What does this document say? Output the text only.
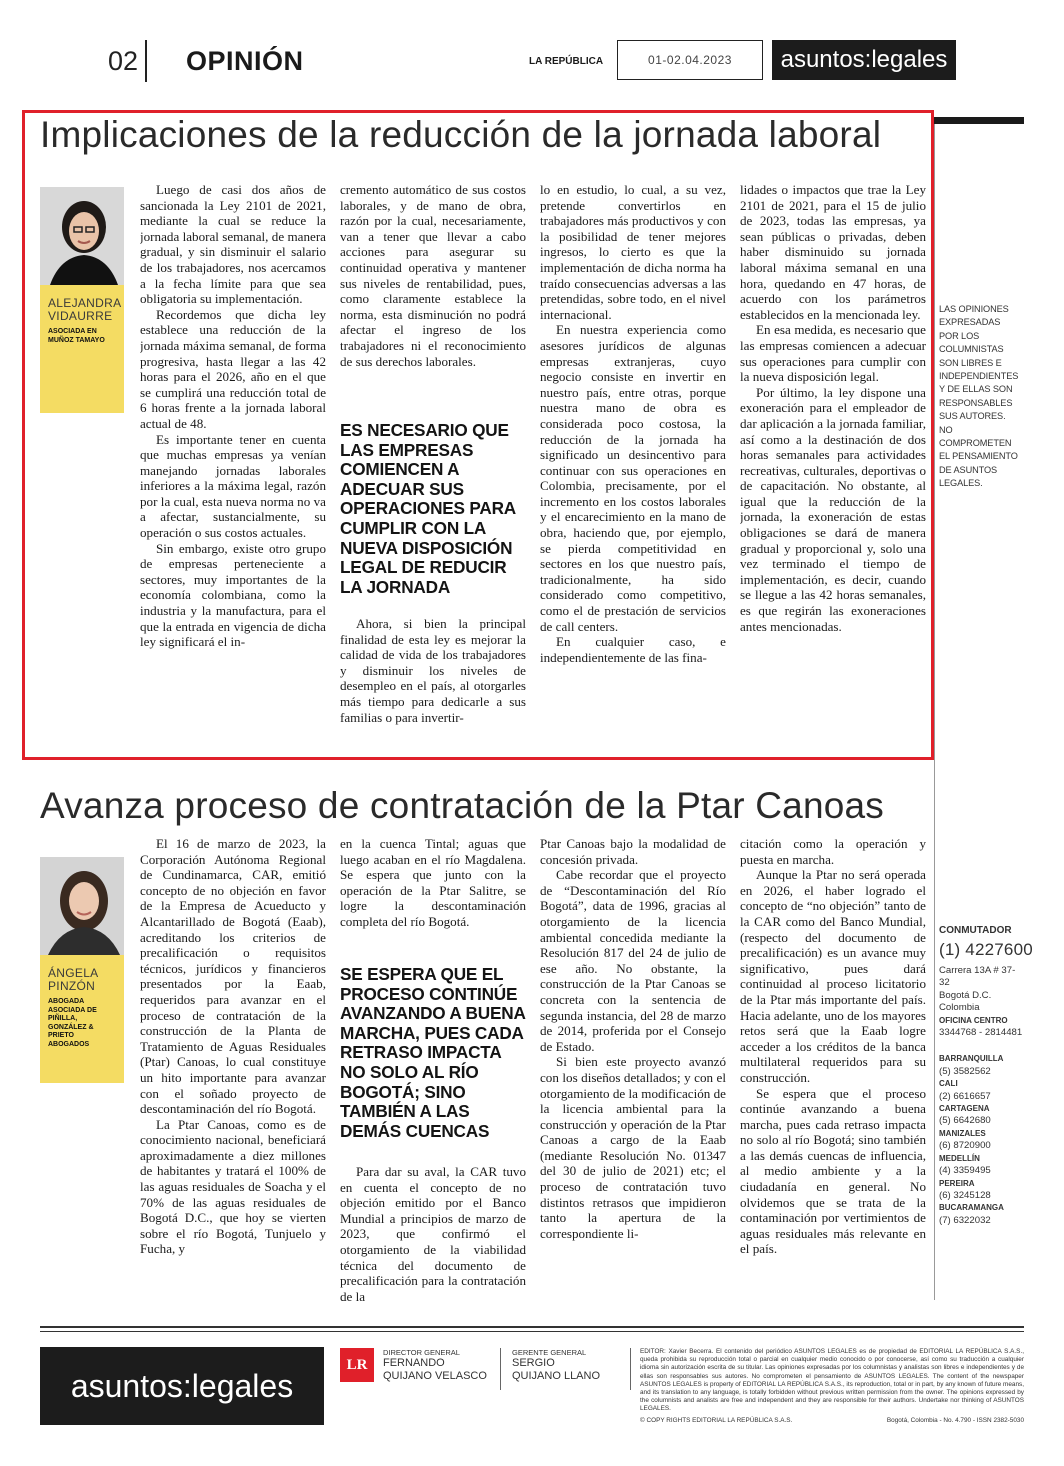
02 OPINIÓN	LA REPÚBLICA	01-02.04.2023	asuntos:legales
Implicaciones de la reducción de la jornada laboral
ALEJANDRA
VIDAURRE
ASOCIADA EN MUÑOZ TAMAYO

Luego de casi dos años de sancionada la Ley 2101 de 2021, mediante la cual se reduce la jornada laboral semanal, de manera gradual, y sin disminuir el salario de los trabajadores, nos acercamos a la fecha límite para que sea obligatoria su implementación.

Recordemos que dicha ley establece una reducción de la jornada máxima semanal, de forma progresiva, hasta llegar a las 42 horas para el 2026, año en el que se cumplirá una reducción total de 6 horas frente a la jornada laboral actual de 48.

Es importante tener en cuenta que muchas empresas ya venían manejando jornadas laborales inferiores a la máxima legal, razón por la cual, esta nueva norma no va a afectar, sustancialmente, su operación o sus costos actuales.

Sin embargo, existe otro grupo de empresas perteneciente a sectores, muy importantes de la economía colombiana, como la industria y la manufactura, para el que la entrada en vigencia de dicha ley significará el in-

cremento automático de sus costos laborales, y de mano de obra, razón por la cual, necesariamente, van a tener que llevar a cabo acciones para asegurar su continuidad operativa y mantener sus niveles de rentabilidad, pues, como claramente establece la norma, esta disminución no podrá afectar el ingreso de los trabajadores ni el reconocimiento de sus derechos laborales.

ES NECESARIO QUE LAS EMPRESAS COMIENCEN A ADECUAR SUS OPERACIONES PARA CUMPLIR CON LA NUEVA DISPOSICIÓN LEGAL DE REDUCIR LA JORNADA

Ahora, si bien la principal finalidad de esta ley es mejorar la calidad de vida de los trabajadores y disminuir los niveles de desempleo en el país, al otorgarles más tiempo para dedicarle a sus familias o para invertir-

lo en estudio, lo cual, a su vez, pretende convertirlos en trabajadores más productivos y con la posibilidad de tener mejores ingresos, lo cierto es que la implementación de dicha norma ha traído consecuencias adversas a las pretendidas, sobre todo, en el nivel internacional.

En nuestra experiencia como asesores jurídicos de algunas empresas extranjeras, cuyo negocio consiste en invertir en nuestro país, entre otras, porque nuestra mano de obra es considerada poco costosa, la reducción de la jornada ha significado un desincentivo para continuar con sus operaciones en Colombia, precisamente, por el incremento en los costos laborales y el encarecimiento en la mano de obra, haciendo que, por ejemplo, se pierda competitividad en sectores en los que nuestro país, tradicionalmente, ha sido considerado como competitivo, como el de prestación de servicios de call centers.

En cualquier caso, e independientemente de las fina-

lidades o impactos que trae la Ley 2101 de 2021, para el 15 de julio de 2023, todas las empresas, ya sean públicas o privadas, deben haber disminuido su jornada laboral máxima semanal en una hora, quedando en 47 horas, de acuerdo con los parámetros establecidos en la mencionada ley.

En esa medida, es necesario que las empresas comiencen a adecuar sus operaciones para cumplir con la nueva disposición legal.

Por último, la ley dispone una exoneración para el empleador de dar aplicación a la jornada familiar, así como a la destinación de dos horas semanales para actividades recreativas, culturales, deportivas o de capacitación. No obstante, al igual que la reducción de la jornada, la exoneración de estas obligaciones se dará de manera gradual y proporcional y, solo una vez terminado el tiempo de implementación, es decir, cuando se llegue a las 42 horas semanales, es que regirán las exoneraciones antes mencionadas.

LAS OPINIONES EXPRESADAS POR LOS COLUMNISTAS SON LIBRES E INDEPENDIENTES Y DE ELLAS SON RESPONSABLES SUS AUTORES. NO COMPROMETEN EL PENSAMIENTO DE ASUNTOS LEGALES.
Avanza proceso de contratación de la Ptar Canoas
ÁNGELA
PINZÓN
ABOGADA ASOCIADA DE PIÑILLA, GONZÁLEZ & PRIETO ABOGADOS

El 16 de marzo de 2023, la Corporación Autónoma Regional de Cundinamarca, CAR, emitió concepto de no objeción en favor de la Empresa de Acueducto y Alcantarillado de Bogotá (Eaab), acreditando los criterios de precalificación o requisitos técnicos, jurídicos y financieros presentados por la Eaab, requeridos para avanzar en el proceso de contratación de la construcción de la Planta de Tratamiento de Aguas Residuales (Ptar) Canoas, lo cual constituye un hito importante para avanzar con el soñado proyecto de descontaminación del río Bogotá.

La Ptar Canoas, como es de conocimiento nacional, beneficiará aproximadamente a diez millones de habitantes y tratará el 100% de las aguas residuales de Soacha y el 70% de las aguas residuales de Bogotá D.C., que hoy se vierten sobre el río Bogotá, Tunjuelo y Fucha, y

en la cuenca Tintal; aguas que luego acaban en el río Magdalena. Se espera que junto con la operación de la Ptar Salitre, se logre la descontaminación completa del río Bogotá.

SE ESPERA QUE EL PROCESO CONTINÚE AVANZANDO A BUENA MARCHA, PUES CADA RETRASO IMPACTA NO SOLO AL RÍO BOGOTÁ; SINO TAMBIÉN A LAS DEMÁS CUENCAS

Para dar su aval, la CAR tuvo en cuenta el concepto de no objeción emitido por el Banco Mundial a principios de marzo de 2023, que confirmó el otorgamiento de la viabilidad técnica del documento de precalificación para la contratación de la

Ptar Canoas bajo la modalidad de concesión privada.

Cabe recordar que el proyecto de “Descontaminación del Río Bogotá”, data de 1996, gracias al otorgamiento de la licencia ambiental concedida mediante la Resolución 817 del 24 de julio de ese año. No obstante, la construcción de la Ptar Canoas se concreta con la sentencia de segunda instancia, del 28 de marzo de 2014, proferida por el Consejo de Estado.

Si bien este proyecto avanzó con los diseños detallados; y con el otorgamiento de la modificación de la licencia ambiental para la construcción y operación de la Ptar Canoas a cargo de la Eaab (mediante Resolución No. 01347 del 30 de julio de 2021) etc; el proceso de contratación tuvo distintos retrasos que impidieron tanto la apertura de la correspondiente li-

citación como la operación y puesta en marcha.

Aunque la Ptar no será operada en 2026, el haber logrado el concepto de “no objeción” tanto de la CAR como del Banco Mundial, (respecto del documento de precalificación) es un avance muy significativo, pues dará continuidad al proceso licitatorio de la Ptar más importante del país. Hacia adelante, uno de los mayores retos será que la Eaab logre acceder a los créditos de la banca multilateral requeridos para su construcción.

Se espera que el proceso continúe avanzando a buena marcha, pues cada retraso impacta no solo al río Bogotá; sino también a las demás cuencas de influencia, al medio ambiente y a la ciudadanía en general. No olvidemos que se trata de la contaminación por vertimientos de aguas residuales más relevante en el país.

CONMUTADOR
(1) 4227600
Carrera 13A # 37-32
Bogotá D.C.
Colombia
OFICINA CENTRO
3344768 - 2814481
BARRANQUILLA
(5) 3582562
CALI
(2) 6616657
CARTAGENA
(5) 6642680
MANIZALES
(6) 8720900
MEDELLÍN
(4) 3359495
PEREIRA
(6) 3245128
BUCARAMANGA
(7) 6322032
asuntos:legales
LR
DIRECTOR GENERAL
FERNANDO
QUIJANO VELASCO
GERENTE GENERAL
SERGIO
QUIJANO LLANO
EDITOR: Xavier Becerra. El contenido del periódico ASUNTOS LEGALES es de propiedad de EDITORIAL LA REPÚBLICA S.A.S., queda prohibida su reproducción total o parcial en cualquier medio conocido o por conocerse, así como su traducción a cualquier idioma sin autorización escrita de su titular. Las opiniones expresadas por los columnistas y analistas son libres e independientes y de ellas son responsables sus autores. No comprometen el pensamiento de ASUNTOS LEGALES. The content of the newspaper ASUNTOS LEGALES is property of EDITORIAL LA REPÚBLICA S.A.S., its reproduction, total or in part, by any known of future means, and its translation to any language, is totally forbidden without previous written permission from the owner. The opinions expressed by the columnists and analists are free and independent and they are responsible for their authors. Undertake nor thinking of ASUNTOS LEGALES.
© COPY RIGHTS EDITORIAL LA REPÚBLICA S.A.S.	Bogotá, Colombia - No. 4.790 - ISSN 2382-5030
